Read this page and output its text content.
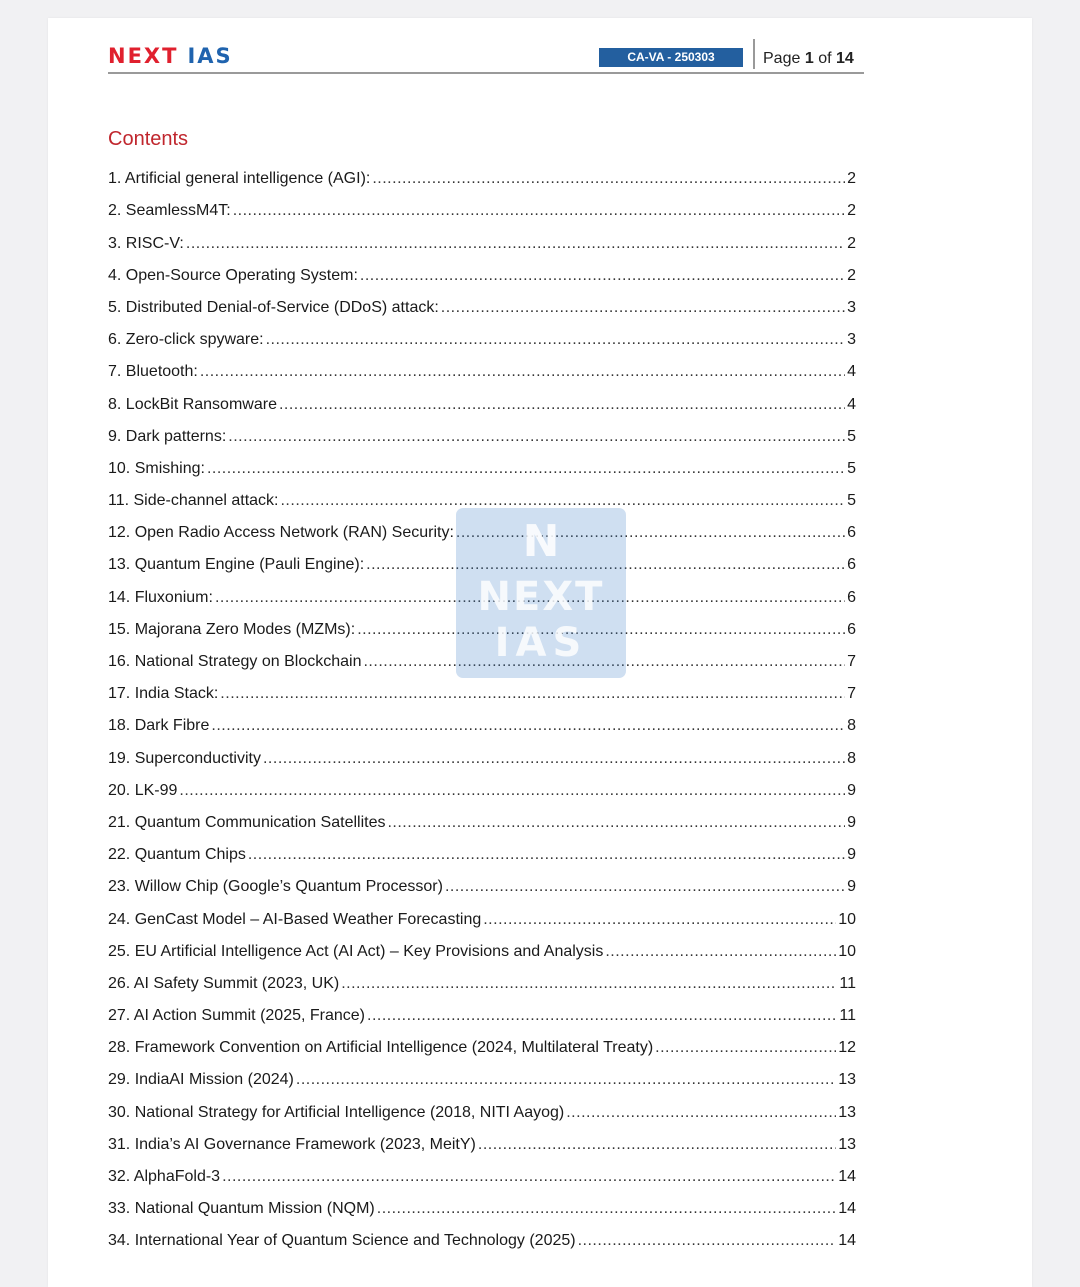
NEXT IAS	CA-VA - 250303	Page 1 of 14
Contents
1. Artificial general intelligence (AGI): .....	2
2. SeamlessM4T: .....	2
3. RISC-V: .....	2
4. Open-Source Operating System: .....	2
5. Distributed Denial-of-Service (DDoS) attack: .....	3
6. Zero-click spyware: .....	3
7. Bluetooth: .....	4
8. LockBit Ransomware .....	4
9. Dark patterns: .....	5
10. Smishing: .....	5
11. Side-channel attack: .....	5
12. Open Radio Access Network (RAN) Security: .....	6
13. Quantum Engine (Pauli Engine): .....	6
14. Fluxonium: .....	6
15. Majorana Zero Modes (MZMs): .....	6
16. National Strategy on Blockchain .....	7
17. India Stack: .....	7
18. Dark Fibre .....	8
19. Superconductivity .....	8
20. LK-99 .....	9
21. Quantum Communication Satellites .....	9
22. Quantum Chips .....	9
23. Willow Chip (Google’s Quantum Processor) .....	9
24. GenCast Model – AI-Based Weather Forecasting .....	10
25. EU Artificial Intelligence Act (AI Act) – Key Provisions and Analysis .....	10
26. AI Safety Summit (2023, UK) .....	11
27. AI Action Summit (2025, France) .....	11
28. Framework Convention on Artificial Intelligence (2024, Multilateral Treaty) .....	12
29. IndiaAI Mission (2024) .....	13
30. National Strategy for Artificial Intelligence (2018, NITI Aayog) .....	13
31. India’s AI Governance Framework (2023, MeitY) .....	13
32. AlphaFold-3 .....	14
33. National Quantum Mission (NQM) .....	14
34. International Year of Quantum Science and Technology (2025) .....	14
N
NEXT
IAS
